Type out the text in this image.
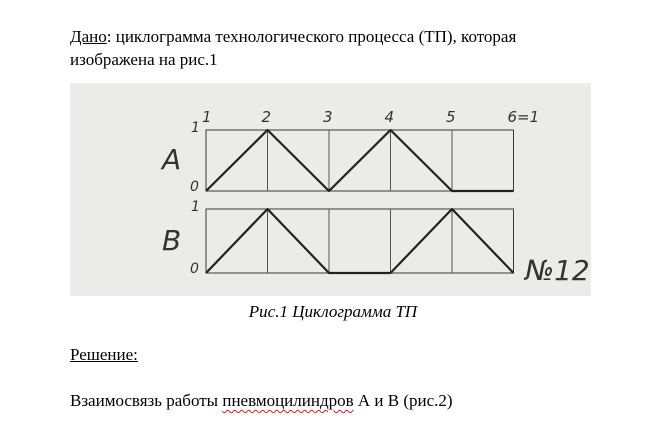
Дано: циклограмма технологического процесса (ТП), которая
изображена на рис.1
1	2	3	4	5	6=1
A
1
0
B
1
0	№12
Рис.1 Циклограмма ТП
Решение:
Взаимосвязь работы пневмоцилиндров А и В (рис.2)
